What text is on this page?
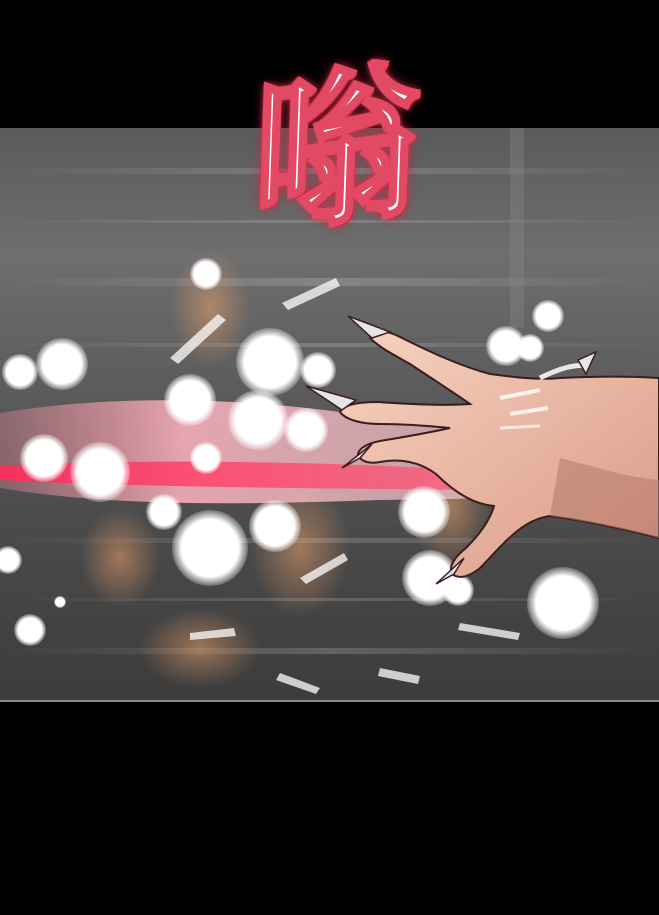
嗡
